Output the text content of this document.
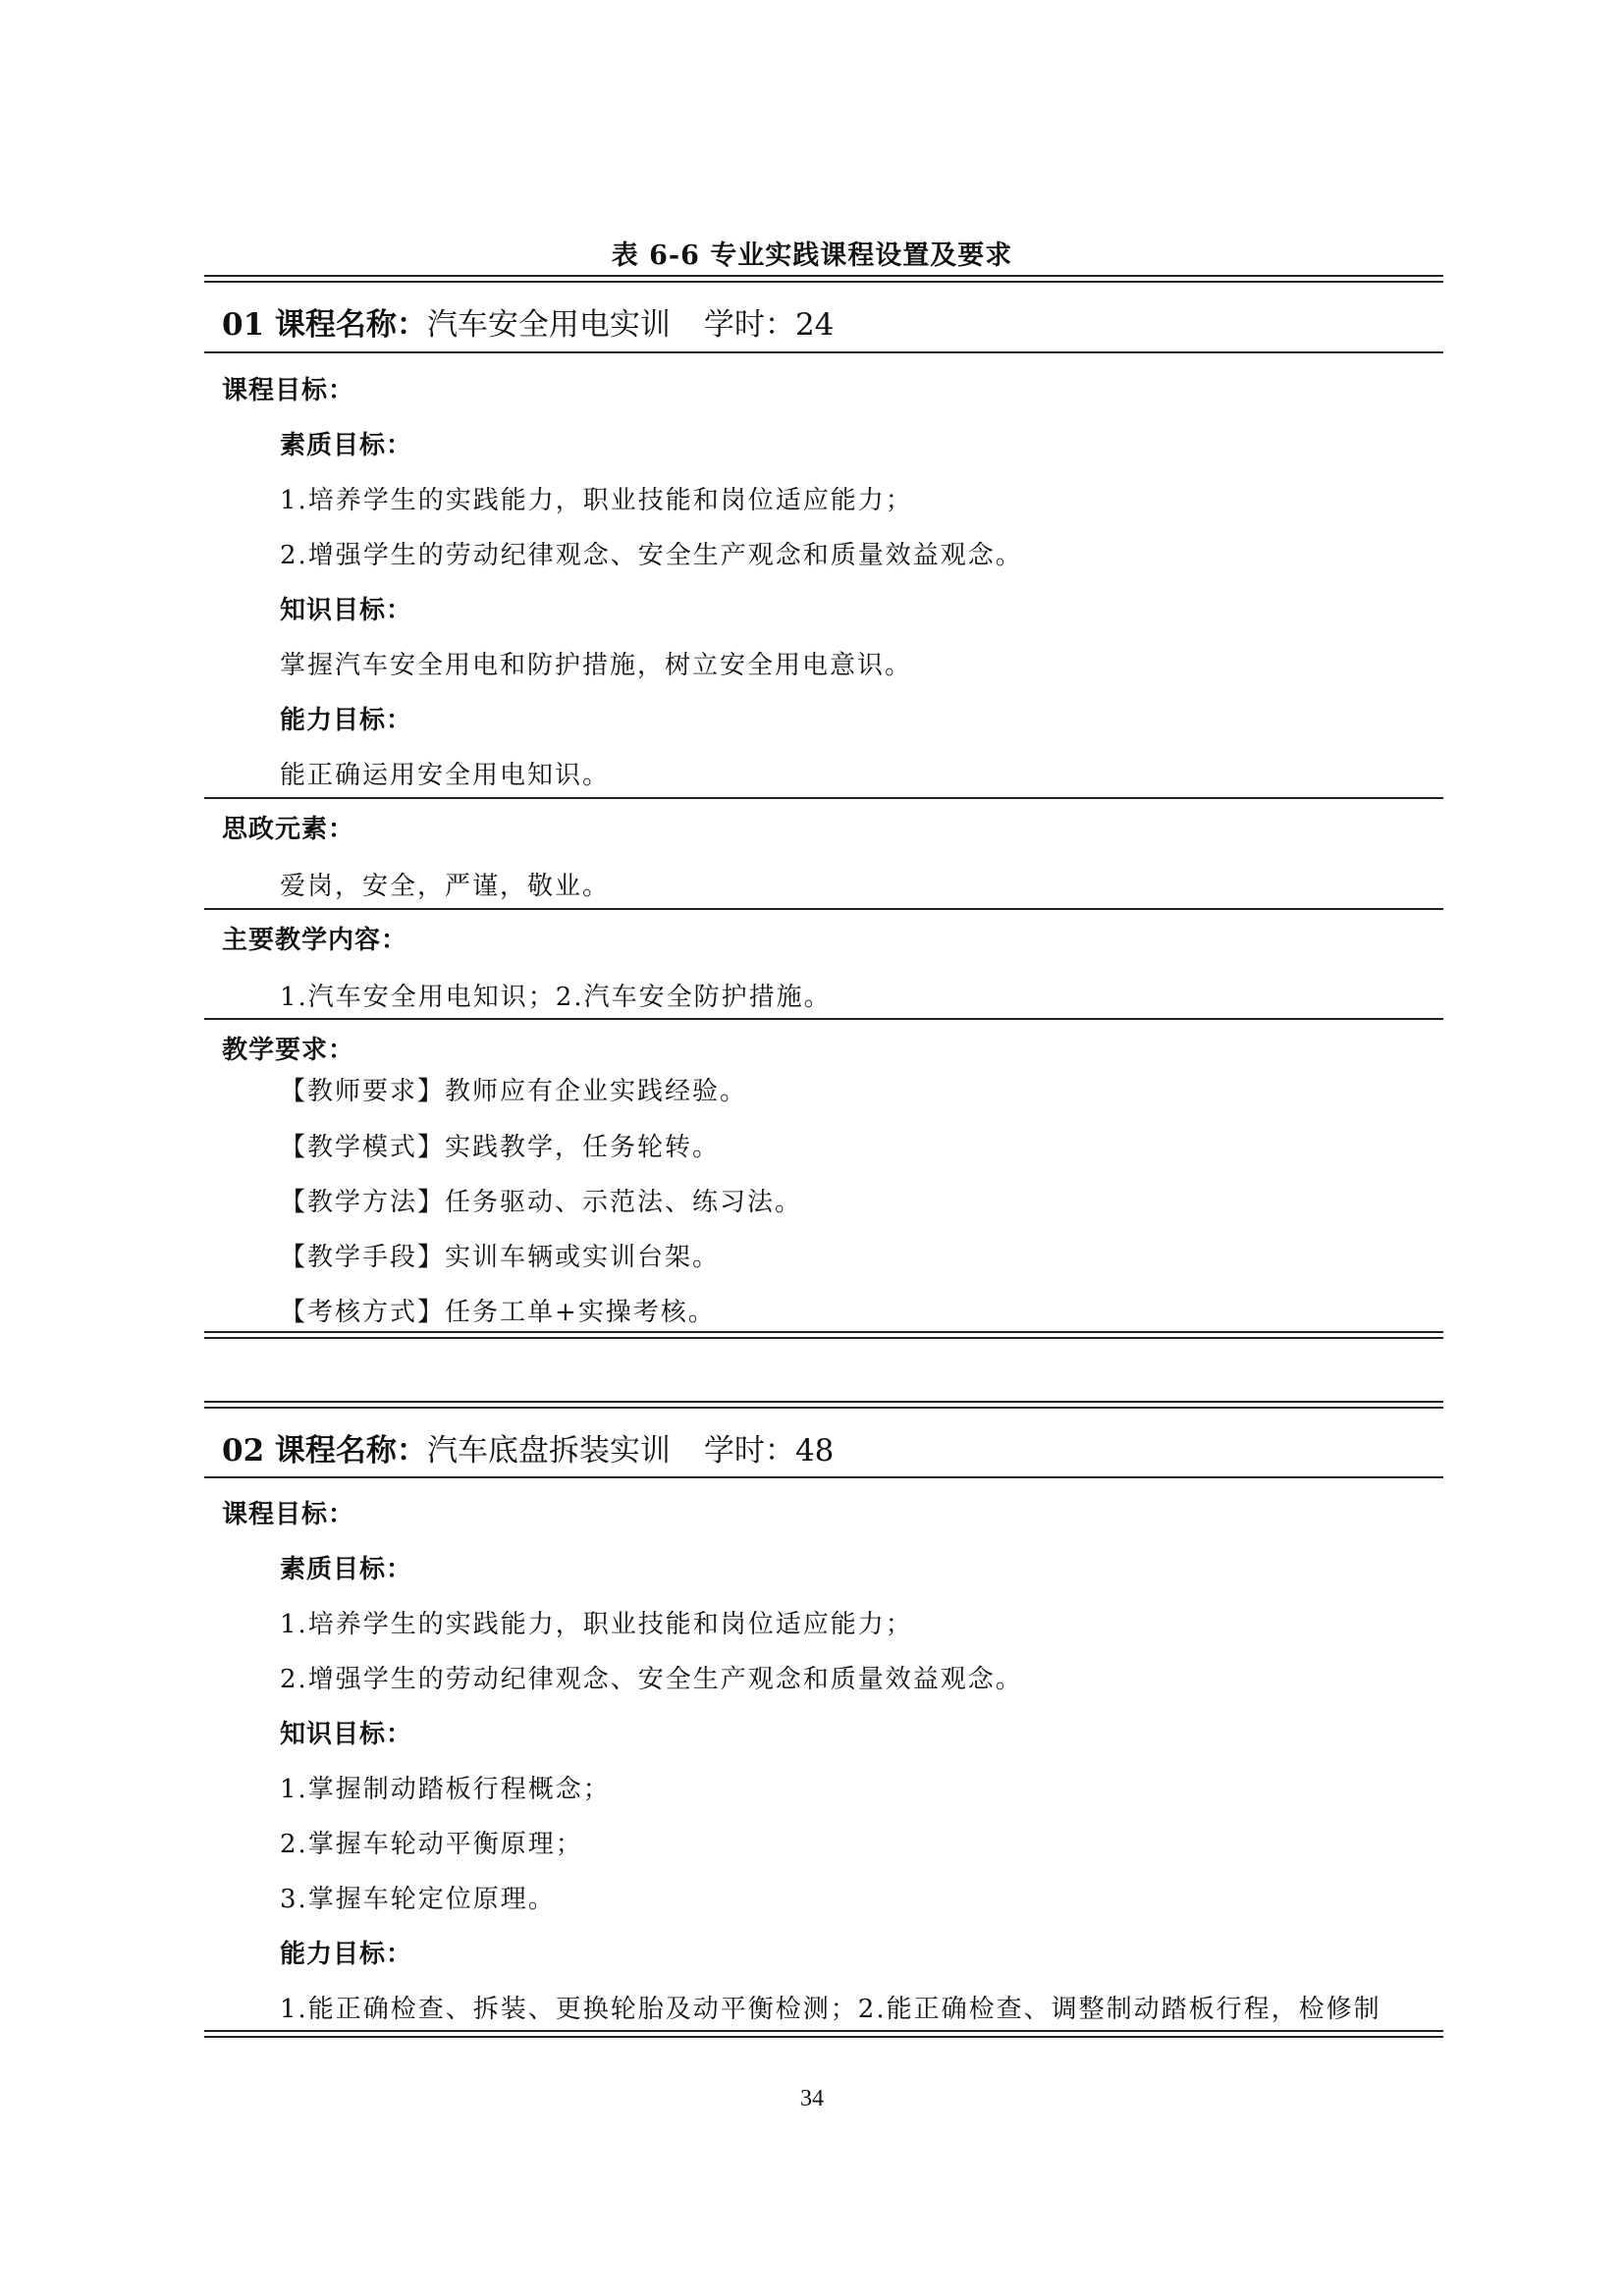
表 6-6 专业实践课程设置及要求
01 课程名称：汽车安全用电实训 学时：24
课程目标：
素质目标：
1.培养学生的实践能力，职业技能和岗位适应能力；
2.增强学生的劳动纪律观念、安全生产观念和质量效益观念。
知识目标：
掌握汽车安全用电和防护措施，树立安全用电意识。
能力目标：
能正确运用安全用电知识。
思政元素：
爱岗，安全，严谨，敬业。
主要教学内容：
1.汽车安全用电知识；2.汽车安全防护措施。
教学要求：
【教师要求】教师应有企业实践经验。
【教学模式】实践教学，任务轮转。
【教学方法】任务驱动、示范法、练习法。
【教学手段】实训车辆或实训台架。
【考核方式】任务工单+实操考核。
02 课程名称：汽车底盘拆装实训 学时：48
课程目标：
素质目标：
1.培养学生的实践能力，职业技能和岗位适应能力；
2.增强学生的劳动纪律观念、安全生产观念和质量效益观念。
知识目标：
1.掌握制动踏板行程概念；
2.掌握车轮动平衡原理；
3.掌握车轮定位原理。
能力目标：
1.能正确检查、拆装、更换轮胎及动平衡检测；2.能正确检查、调整制动踏板行程，检修制
34
